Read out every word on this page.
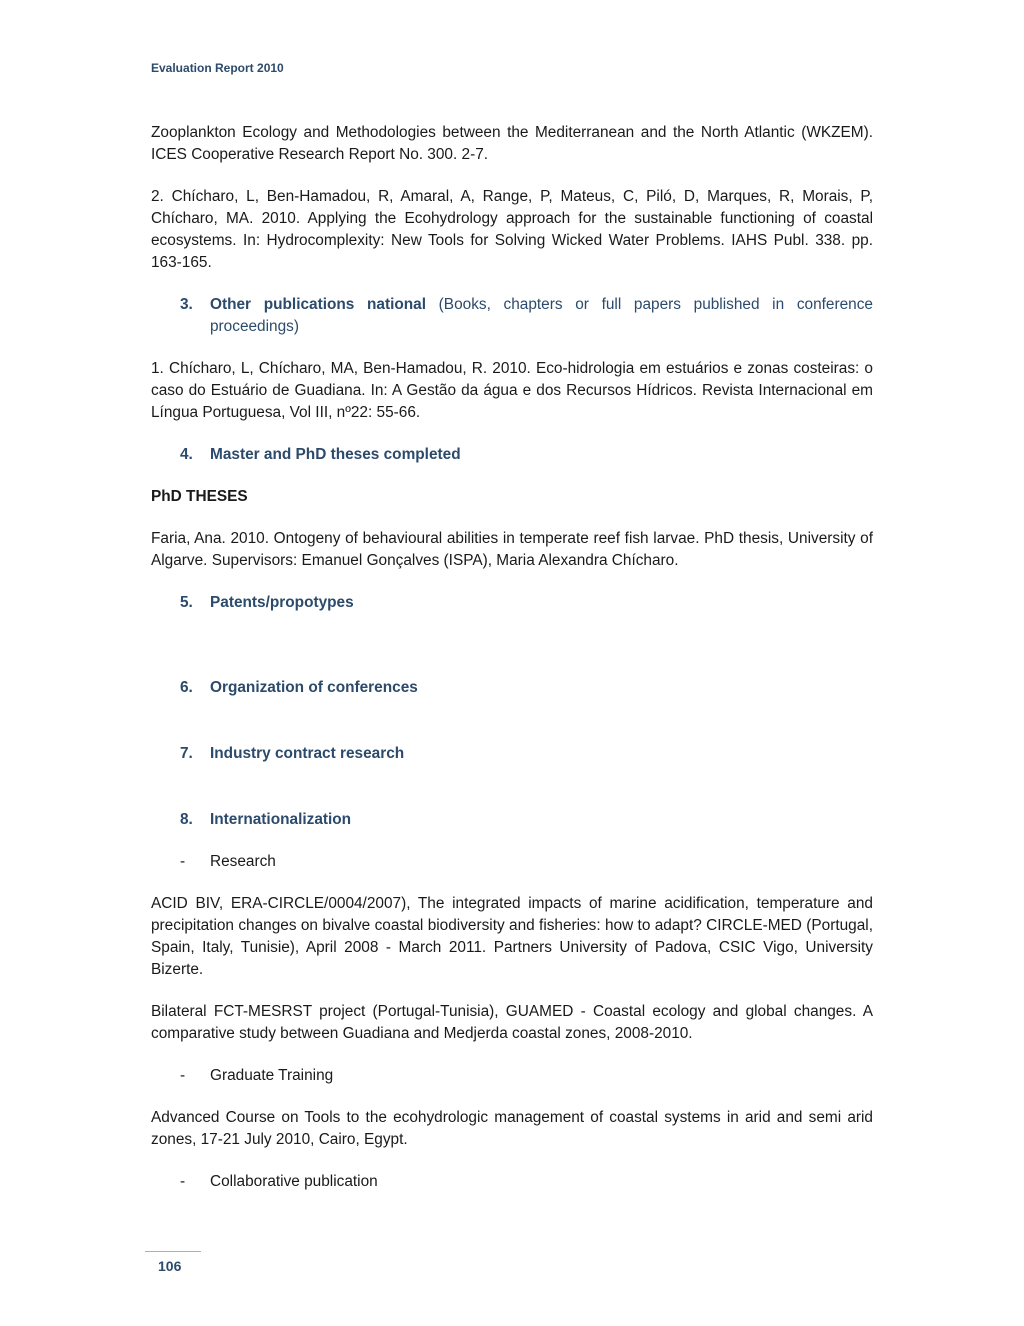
Evaluation Report 2010

Zooplankton Ecology and Methodologies between the Mediterranean and the North Atlantic (WKZEM). ICES Cooperative Research Report No. 300. 2-7.

2. Chícharo, L, Ben-Hamadou, R, Amaral, A, Range, P, Mateus, C, Piló, D, Marques, R, Morais, P, Chícharo, MA. 2010. Applying the Ecohydrology approach for the sustainable functioning of coastal ecosystems. In: Hydrocomplexity: New Tools for Solving Wicked Water Problems. IAHS Publ. 338. pp. 163-165.

3.	Other publications national (Books, chapters or full papers published in conference proceedings)

1. Chícharo, L, Chícharo, MA, Ben-Hamadou, R. 2010. Eco-hidrologia em estuários e zonas costeiras: o caso do Estuário de Guadiana. In: A Gestão da água e dos Recursos Hídricos. Revista Internacional em Língua Portuguesa, Vol III, nº22: 55-66.

4.	Master and PhD theses completed
PhD THESES

Faria, Ana. 2010. Ontogeny of behavioural abilities in temperate reef fish larvae. PhD thesis, University of Algarve. Supervisors: Emanuel Gonçalves (ISPA), Maria Alexandra Chícharo.

5.	Patents/propotypes
6.	Organization of conferences
7.	Industry contract research
8.	Internationalization
-	Research

ACID BIV, ERA-CIRCLE/0004/2007), The integrated impacts of marine acidification, temperature and precipitation changes on bivalve coastal biodiversity and fisheries: how to adapt? CIRCLE-MED (Portugal, Spain, Italy, Tunisie), April 2008 - March 2011. Partners University of Padova, CSIC Vigo, University Bizerte.

Bilateral FCT-MESRST project (Portugal-Tunisia), GUAMED - Coastal ecology and global changes. A comparative study between Guadiana and Medjerda coastal zones, 2008-2010.

-	Graduate Training

Advanced Course on Tools to the ecohydrologic management of coastal systems in arid and semi arid zones, 17-21 July 2010, Cairo, Egypt.

-	Collaborative publication
106
